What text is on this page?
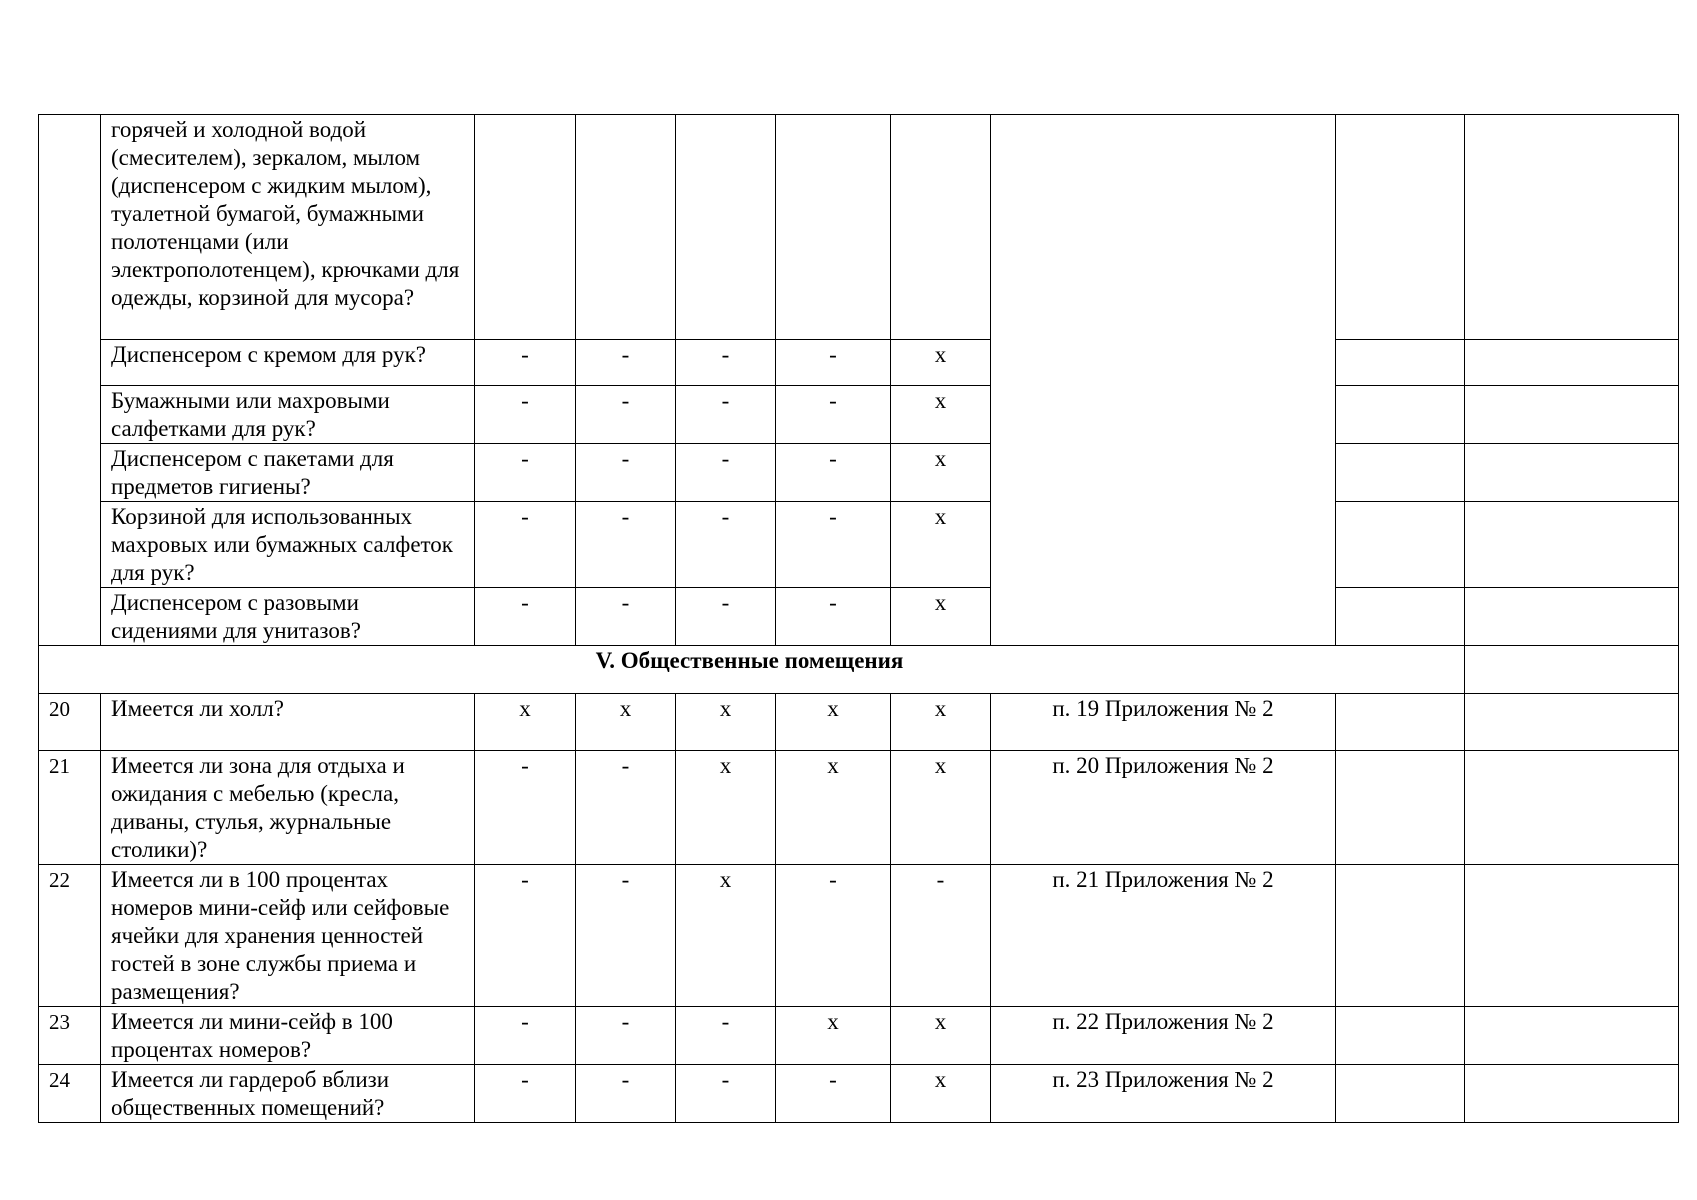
	горячей и холодной водой (смесителем), зеркалом, мылом (диспенсером с жидким мылом), туалетной бумагой, бумажными полотенцами (или электрополотенцем), крючками для одежды, корзиной для мусора?								
	Диспенсером с кремом для рук?	-	-	-	-	x			
	Бумажными или махровыми салфетками для рук?	-	-	-	-	x			
	Диспенсером с пакетами для предметов гигиены?	-	-	-	-	x			
	Корзиной для использованных махровых или бумажных салфеток для рук?	-	-	-	-	x			
	Диспенсером с разовыми сидениями для унитазов?	-	-	-	-	x			
V. Общественные помещения									
20	Имеется ли холл?	x	x	x	x	x	п. 19 Приложения № 2		
21	Имеется ли зона для отдыха и ожидания с мебелью (кресла, диваны, стулья, журнальные столики)?	-	-	x	x	x	п. 20 Приложения № 2		
22	Имеется ли в 100 процентах номеров мини-сейф или сейфовые ячейки для хранения ценностей гостей в зоне службы приема и размещения?	-	-	x	-	-	п. 21 Приложения № 2		
23	Имеется ли мини-сейф в 100 процентах номеров?	-	-	-	x	x	п. 22 Приложения № 2		
24	Имеется ли гардероб вблизи общественных помещений?	-	-	-	-	x	п. 23 Приложения № 2		
